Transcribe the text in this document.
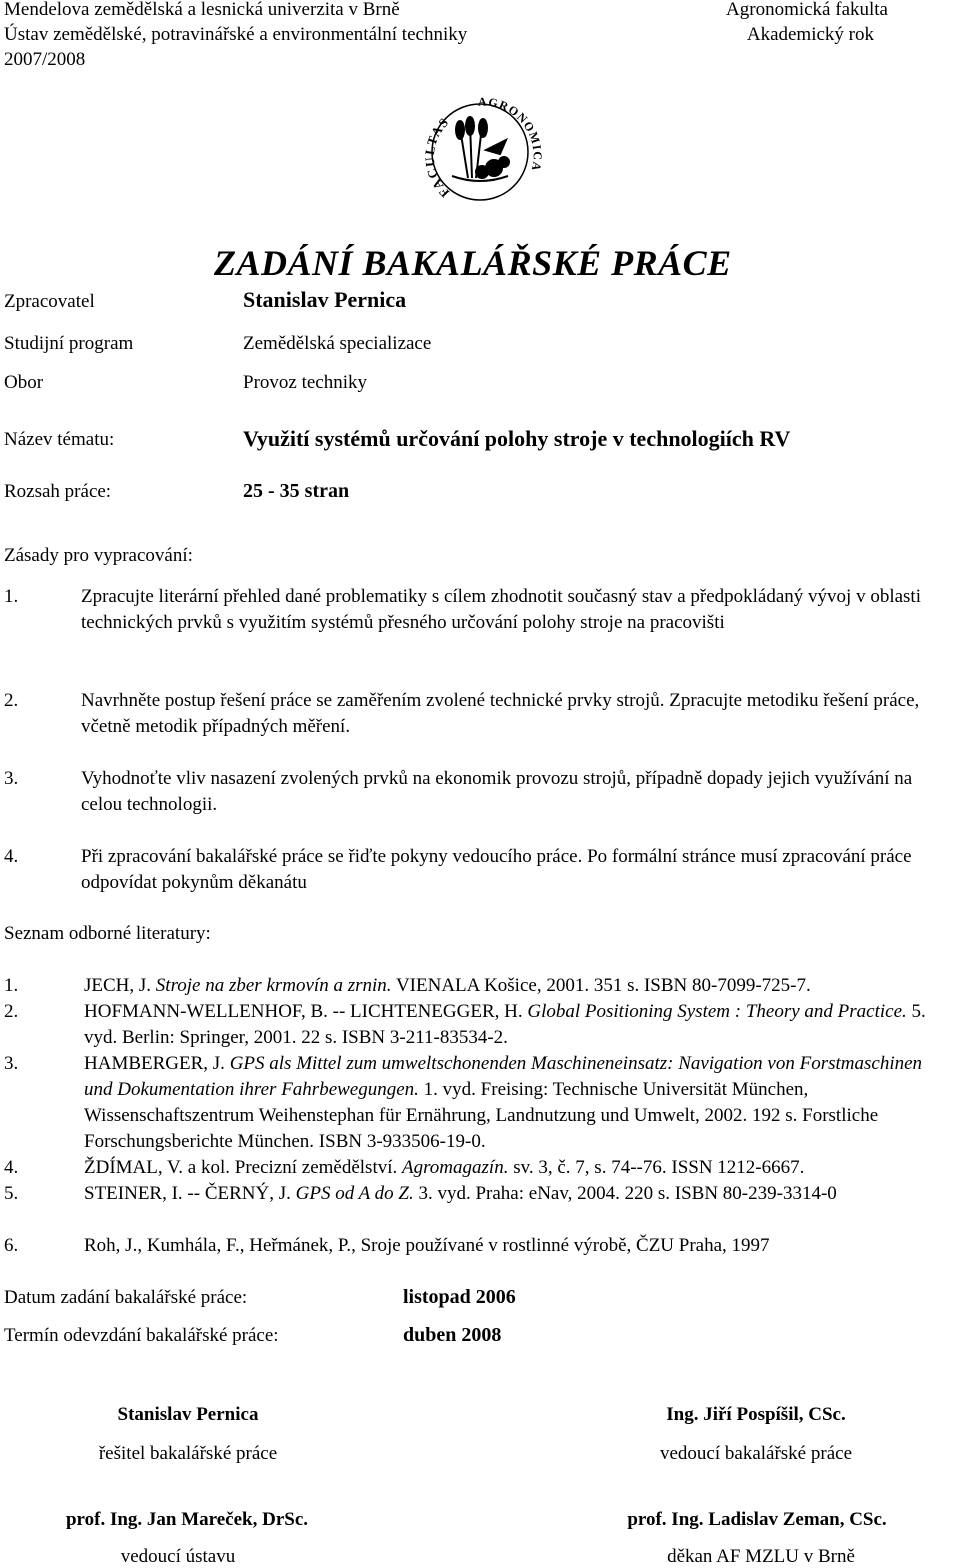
Mendelova zemědělská a lesnická univerzita v Brně
Ústav zemědělské, potravinářské a environmentální techniky
2007/2008
Agronomická fakulta
Akademický rok
FACULTAS
AGRONOMICA
ZADÁNÍ BAKALÁŘSKÉ PRÁCE
Zpracovatel	Stanislav Pernica
Studijní program	Zemědělská specializace
Obor	Provoz techniky
Název tématu:	Využití systémů určování polohy stroje v technologiích RV
Rozsah práce:	25 - 35 stran
Zásady pro vypracování:
1.	Zpracujte literární přehled dané problematiky s cílem zhodnotit současný stav a předpokládaný vývoj v oblasti technických prvků s využitím systémů přesného určování polohy stroje na pracovišti
2.	Navrhněte postup řešení práce se zaměřením zvolené technické prvky strojů. Zpracujte metodiku řešení práce, včetně metodik případných měření.
3.	Vyhodnoťte vliv nasazení zvolených prvků na ekonomik provozu strojů, případně dopady jejich využívání na celou technologii.
4.	Při zpracování bakalářské práce se řiďte pokyny vedoucího práce. Po formální stránce musí zpracování práce odpovídat pokynům děkanátu
Seznam odborné literatury:
1.	JECH, J. Stroje na zber krmovín a zrnin. VIENALA Košice, 2001. 351 s. ISBN 80-7099-725-7.
2.	HOFMANN-WELLENHOF, B. -- LICHTENEGGER, H. Global Positioning System : Theory and Practice. 5. vyd. Berlin: Springer, 2001. 22 s. ISBN 3-211-83534-2.
3.	HAMBERGER, J. GPS als Mittel zum umweltschonenden Maschineneinsatz: Navigation von Forstmaschinen und Dokumentation ihrer Fahrbewegungen. 1. vyd. Freising: Technische Universität München, Wissenschaftszentrum Weihenstephan für Ernährung, Landnutzung und Umwelt, 2002. 192 s. Forstliche Forschungsberichte München. ISBN 3-933506-19-0.
4.	ŽDÍMAL, V. a kol. Precizní zemědělství. Agromagazín. sv. 3, č. 7, s. 74--76. ISSN 1212-6667.
5.	STEINER, I. -- ČERNÝ, J. GPS od A do Z. 3. vyd. Praha: eNav, 2004. 220 s. ISBN 80-239-3314-0
6.	Roh, J., Kumhála, F., Heřmánek, P., Sroje používané v rostlinné výrobě, ČZU Praha, 1997
Datum zadání bakalářské práce:	listopad 2006
Termín odevzdání bakalářské práce:	duben 2008
Stanislav Pernica
řešitel bakalářské práce
Ing. Jiří Pospíšil, CSc.
vedoucí bakalářské práce
prof. Ing. Jan Mareček, DrSc.
vedoucí ústavu
prof. Ing. Ladislav Zeman, CSc.
děkan AF MZLU v Brně
